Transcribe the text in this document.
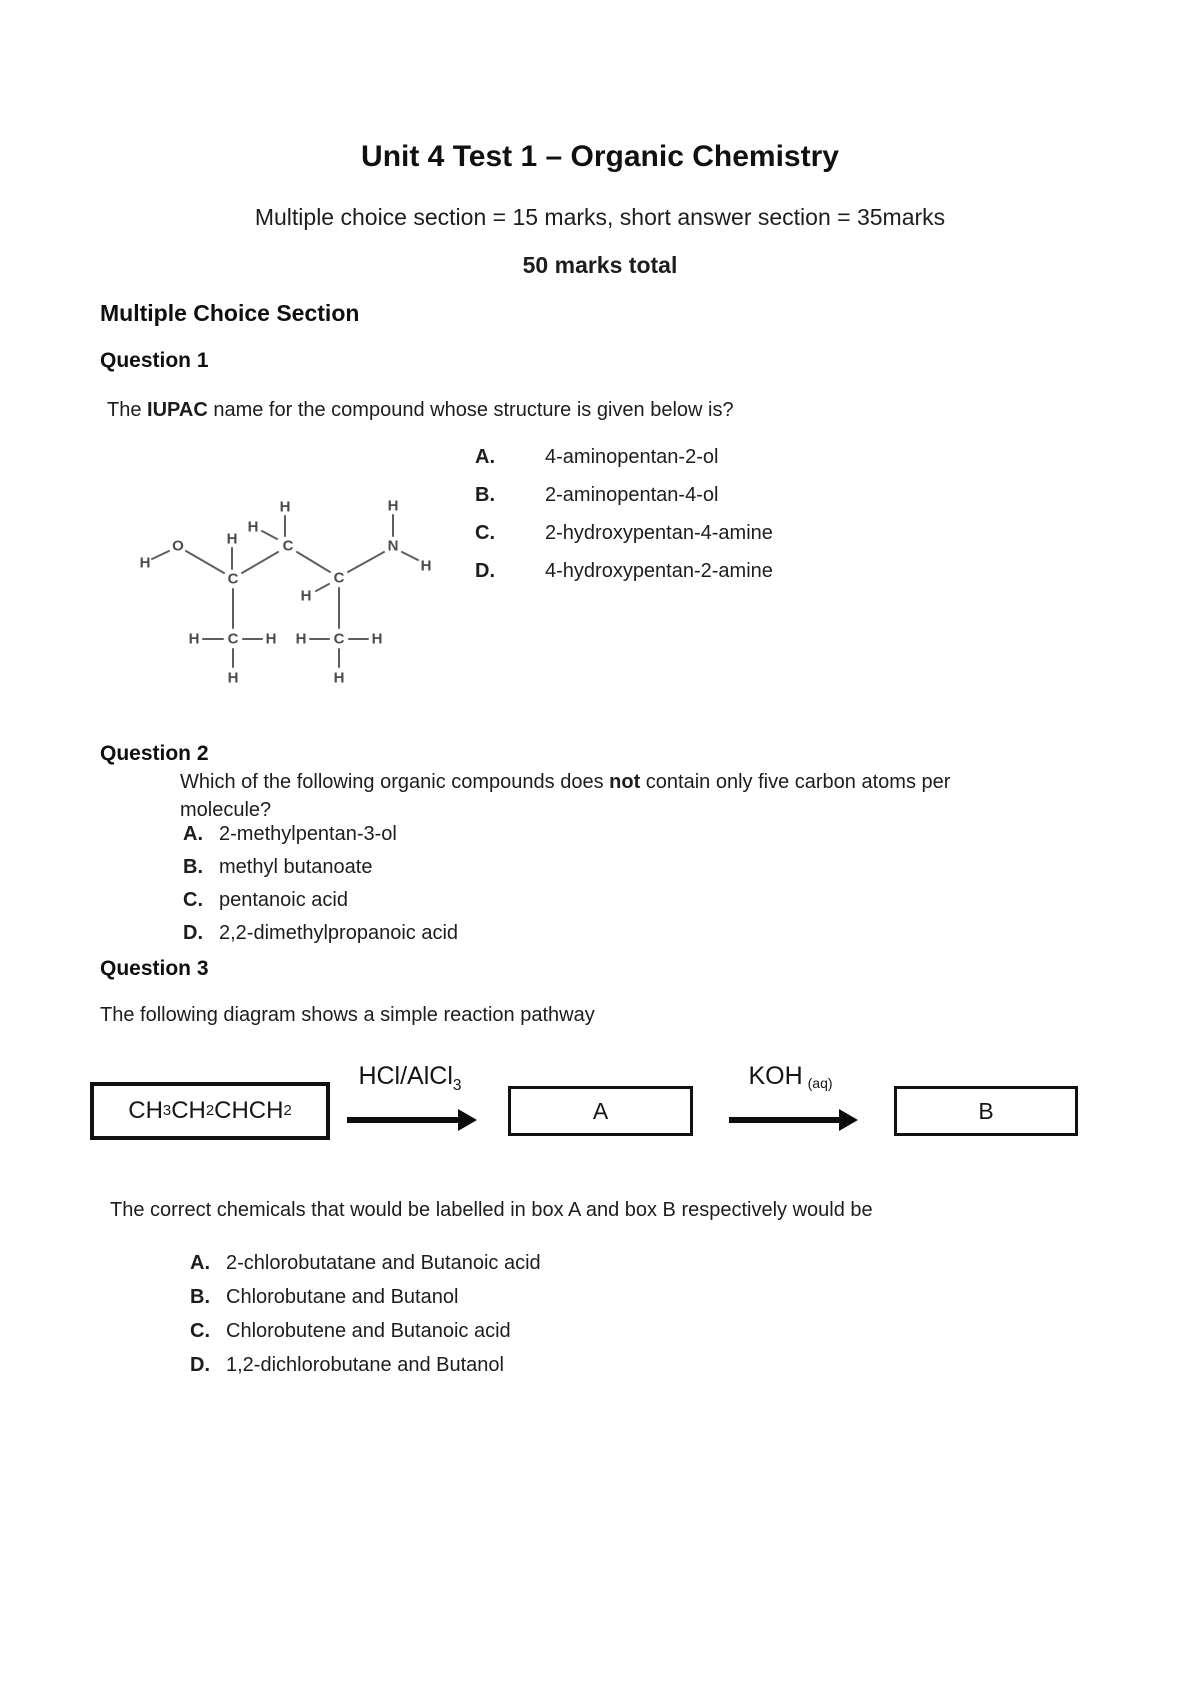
Unit 4 Test 1 – Organic Chemistry
Multiple choice section = 15 marks, short answer section = 35marks
50 marks total
Multiple Choice Section
Question 1
The IUPAC name for the compound whose structure is given below is?
A.	4-aminopentan-2-ol
B.	2-aminopentan-4-ol
C.	2-hydroxypentan-4-amine
D.	4-hydroxypentan-2-amine
H
O	H
C
H
H
C
H
C
H
N
H
C
H	H
H
C
H	H
H
Question 2
Which of the following organic compounds does not contain only five carbon atoms per molecule?
A. 2-methylpentan-3-ol
B. methyl butanoate
C. pentanoic acid
D. 2,2-dimethylpropanoic acid
Question 3
The following diagram shows a simple reaction pathway
CH 3 CH 2 CHCH 2
HCl/AlCl$_3$
A
KOH (aq)
B
The correct chemicals that would be labelled in box A and box B respectively would be
A. 2-chlorobutatane and Butanoic acid
B. Chlorobutane and Butanol
C. Chlorobutene and Butanoic acid
D. 1,2-dichlorobutane and Butanol
